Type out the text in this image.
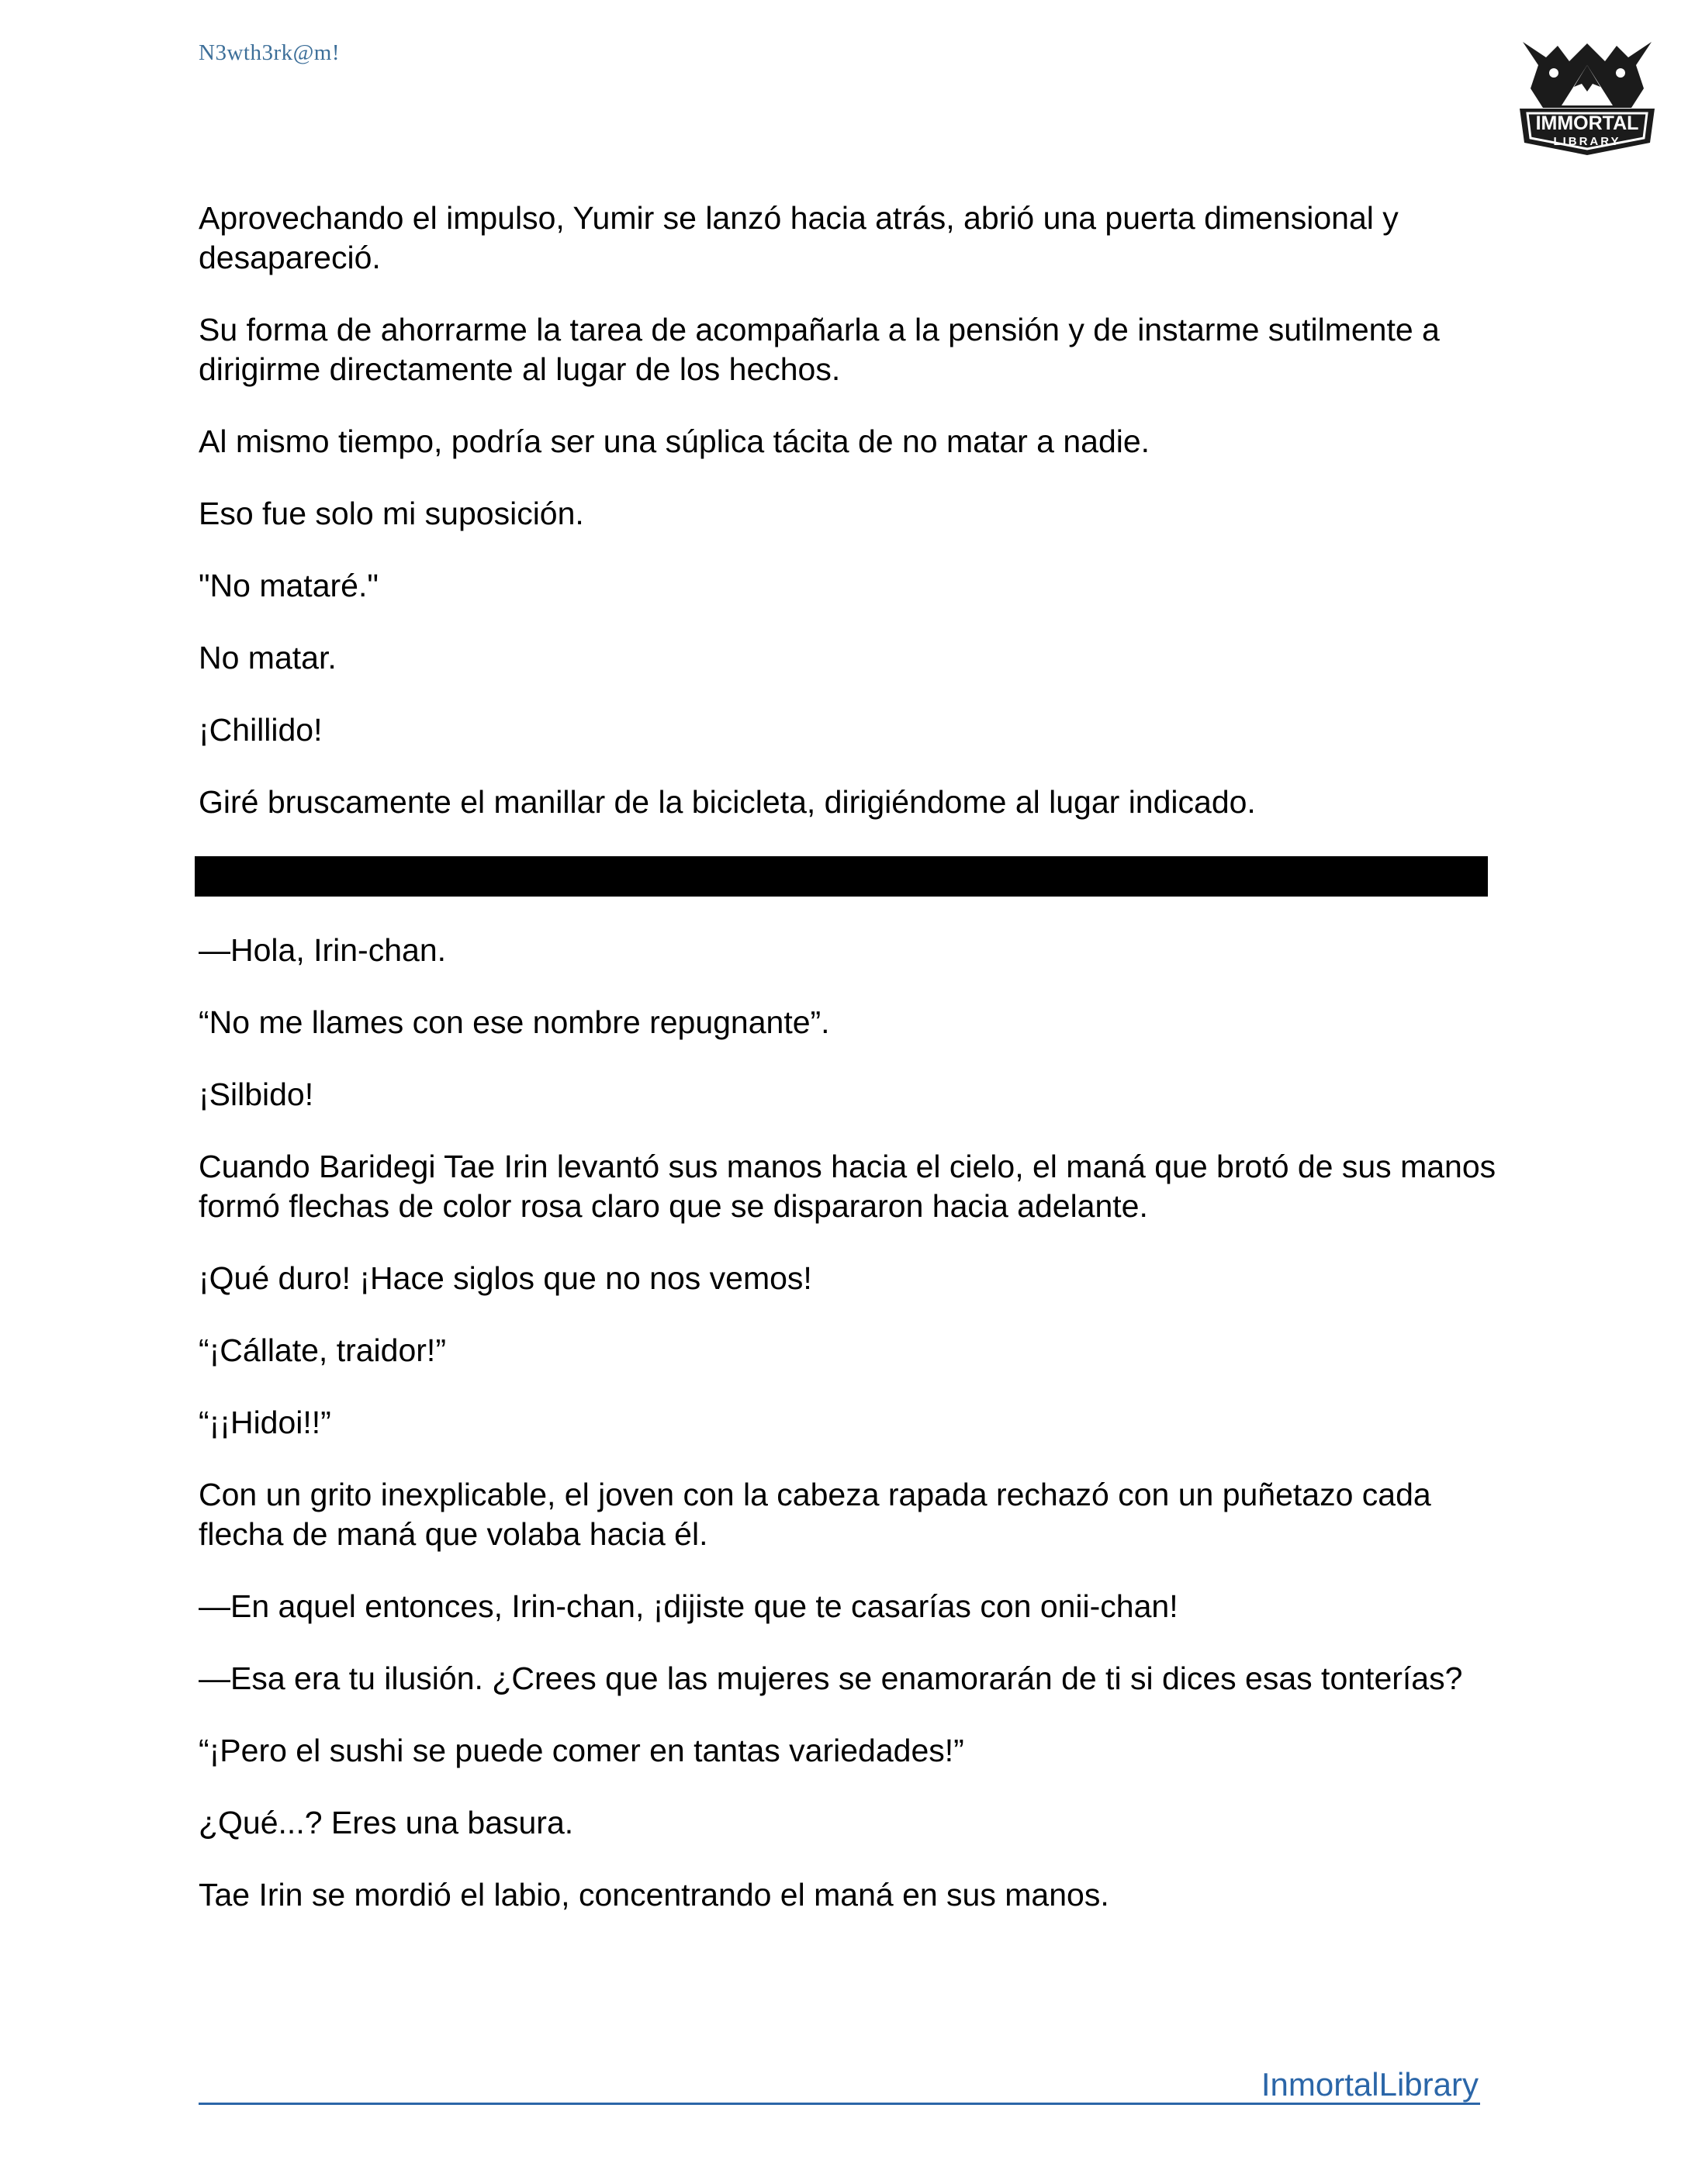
N3wth3rk@m!
IMMORTAL
LIBRARY

Aprovechando el impulso, Yumir se lanzó hacia atrás, abrió una puerta dimensional y desapareció.

Su forma de ahorrarme la tarea de acompañarla a la pensión y de instarme sutilmente a dirigirme directamente al lugar de los hechos.

Al mismo tiempo, podría ser una súplica tácita de no matar a nadie.

Eso fue solo mi suposición.

"No mataré."

No matar.

¡Chillido!

Giré bruscamente el manillar de la bicicleta, dirigiéndome al lugar indicado.

—Hola, Irin-chan.

“No me llames con ese nombre repugnante”.

¡Silbido!

Cuando Baridegi Tae Irin levantó sus manos hacia el cielo, el maná que brotó de sus manos formó flechas de color rosa claro que se dispararon hacia adelante.

¡Qué duro! ¡Hace siglos que no nos vemos!

“¡Cállate, traidor!”

“¡¡Hidoi!!”

Con un grito inexplicable, el joven con la cabeza rapada rechazó con un puñetazo cada flecha de maná que volaba hacia él.

—En aquel entonces, Irin-chan, ¡dijiste que te casarías con onii-chan!

—Esa era tu ilusión. ¿Crees que las mujeres se enamorarán de ti si dices esas tonterías?

“¡Pero el sushi se puede comer en tantas variedades!”

¿Qué...? Eres una basura.

Tae Irin se mordió el labio, concentrando el maná en sus manos.

InmortalLibrary
